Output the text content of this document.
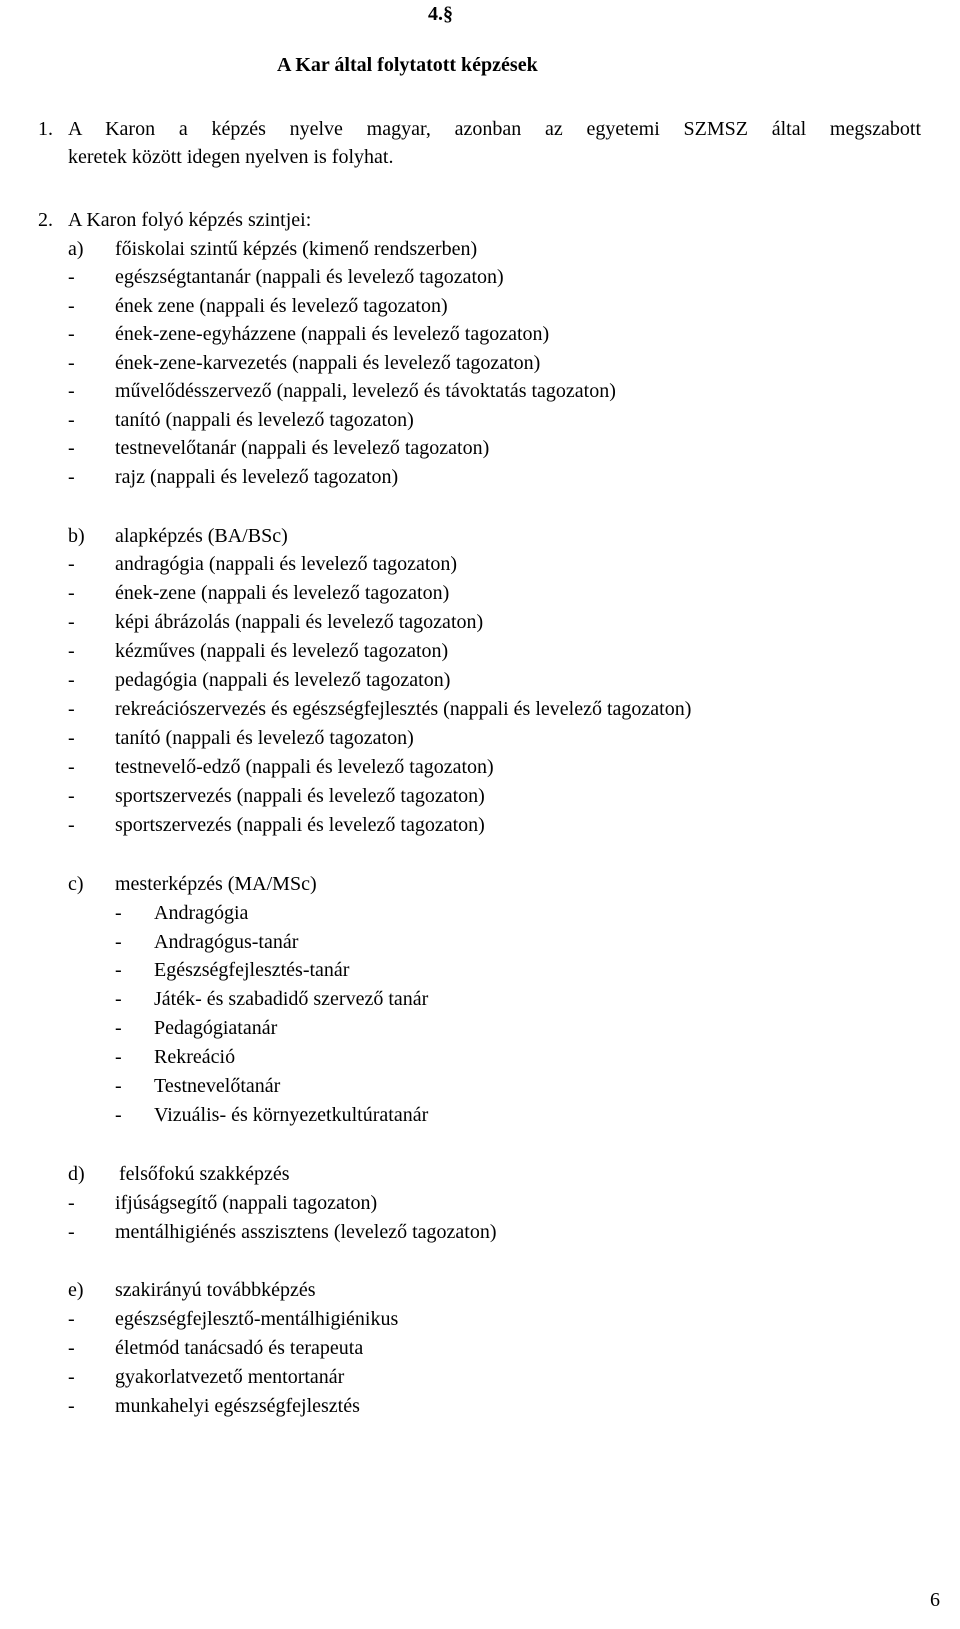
4.§
A Kar által folytatott képzések
1. A Karon a képzés nyelve magyar, azonban az egyetemi SZMSZ által megszabott
keretek között idegen nyelven is folyhat.
2. A Karon folyó képzés szintjei:
a) főiskolai szintű képzés (kimenő rendszerben)
- egészségtantanár (nappali és levelező tagozaton)
- ének zene (nappali és levelező tagozaton)
- ének-zene-egyházzene (nappali és levelező tagozaton)
- ének-zene-karvezetés (nappali és levelező tagozaton)
- művelődésszervező (nappali, levelező és távoktatás tagozaton)
- tanító (nappali és levelező tagozaton)
- testnevelőtanár (nappali és levelező tagozaton)
- rajz (nappali és levelező tagozaton)
b) alapképzés (BA/BSc)
- andragógia (nappali és levelező tagozaton)
- ének-zene (nappali és levelező tagozaton)
- képi ábrázolás (nappali és levelező tagozaton)
- kézműves (nappali és levelező tagozaton)
- pedagógia (nappali és levelező tagozaton)
- rekreációszervezés és egészségfejlesztés (nappali és levelező tagozaton)
- tanító (nappali és levelező tagozaton)
- testnevelő-edző (nappali és levelező tagozaton)
- sportszervezés (nappali és levelező tagozaton)
- sportszervezés (nappali és levelező tagozaton)
c) mesterképzés (MA/MSc)
- Andragógia
- Andragógus-tanár
- Egészségfejlesztés-tanár
- Játék- és szabadidő szervező tanár
- Pedagógiatanár
- Rekreáció
- Testnevelőtanár
- Vizuális- és környezetkultúratanár
d) felsőfokú szakképzés
- ifjúságsegítő (nappali tagozaton)
- mentálhigiénés asszisztens (levelező tagozaton)
e) szakirányú továbbképzés
- egészségfejlesztő-mentálhigiénikus
- életmód tanácsadó és terapeuta
- gyakorlatvezető mentortanár
- munkahelyi egészségfejlesztés
6
